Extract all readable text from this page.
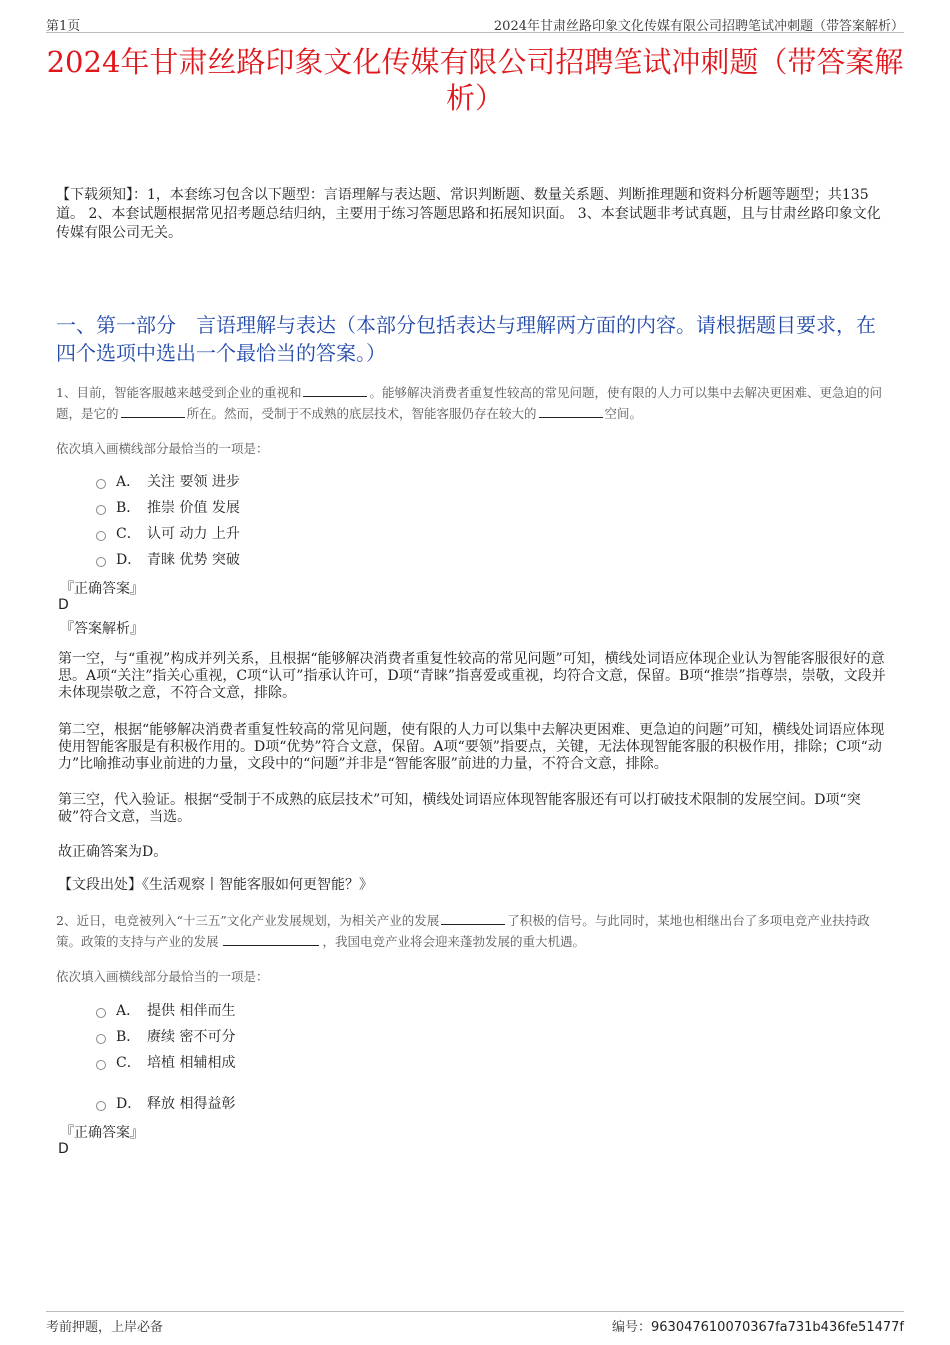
第1页	2024年甘肃丝路印象文化传媒有限公司招聘笔试冲刺题（带答案解析）
2024年甘肃丝路印象文化传媒有限公司招聘笔试冲刺题（带答案解析）

【下载须知】：1，本套练习包含以下题型：言语理解与表达题、常识判断题、数量关系题、判断推理题和资料分析题等题型；共135道。 2、本套试题根据常见招考题总结归纳，主要用于练习答题思路和拓展知识面。 3、本套试题非考试真题，且与甘肃丝路印象文化传媒有限公司无关。

一、第一部分　言语理解与表达（本部分包括表达与理解两方面的内容。请根据题目要求，在四个选项中选出一个最恰当的答案。）

1、目前，智能客服越来越受到企业的重视和	。能够解决消费者重复性较高的常见问题，使有限的人力可以集中去解决更困难、更急迫的问题，是它的	所在。然而，受制于不成熟的底层技术，智能客服仍存在较大的	空间。

依次填入画横线部分最恰当的一项是：

A． 关注 要领 进步
B． 推崇 价值 发展
C． 认可 动力 上升
D． 青睐 优势 突破

『正确答案』

D

『答案解析』

第一空，与“重视”构成并列关系，且根据“能够解决消费者重复性较高的常见问题”可知，横线处词语应体现企业认为智能客服很好的意思。A项“关注”指关心重视，C项“认可”指承认许可，D项“青睐”指喜爱或重视，均符合文意，保留。B项“推崇”指尊崇，崇敬，文段并未体现崇敬之意，不符合文意，排除。

第二空，根据“能够解决消费者重复性较高的常见问题，使有限的人力可以集中去解决更困难、更急迫的问题”可知，横线处词语应体现使用智能客服是有积极作用的。D项“优势”符合文意，保留。A项“要领”指要点，关键，无法体现智能客服的积极作用，排除；C项“动力”比喻推动事业前进的力量，文段中的“问题”并非是“智能客服”前进的力量，不符合文意，排除。

第三空，代入验证。根据“受制于不成熟的底层技术”可知，横线处词语应体现智能客服还有可以打破技术限制的发展空间。D项“突破”符合文意，当选。

故正确答案为D。

【文段出处】《生活观察丨智能客服如何更智能？》

2、近日，电竞被列入“十三五”文化产业发展规划，为相关产业的发展	了积极的信号。与此同时，某地也相继出台了多项电竞产业扶持政策。政策的支持与产业的发展	，我国电竞产业将会迎来蓬勃发展的重大机遇。

依次填入画横线部分最恰当的一项是：

A． 提供 相伴而生
B． 赓续 密不可分
C． 培植 相辅相成
D． 释放 相得益彰

『正确答案』

D

考前押题，上岸必备	编号：963047610070367fa731b436fe51477f
